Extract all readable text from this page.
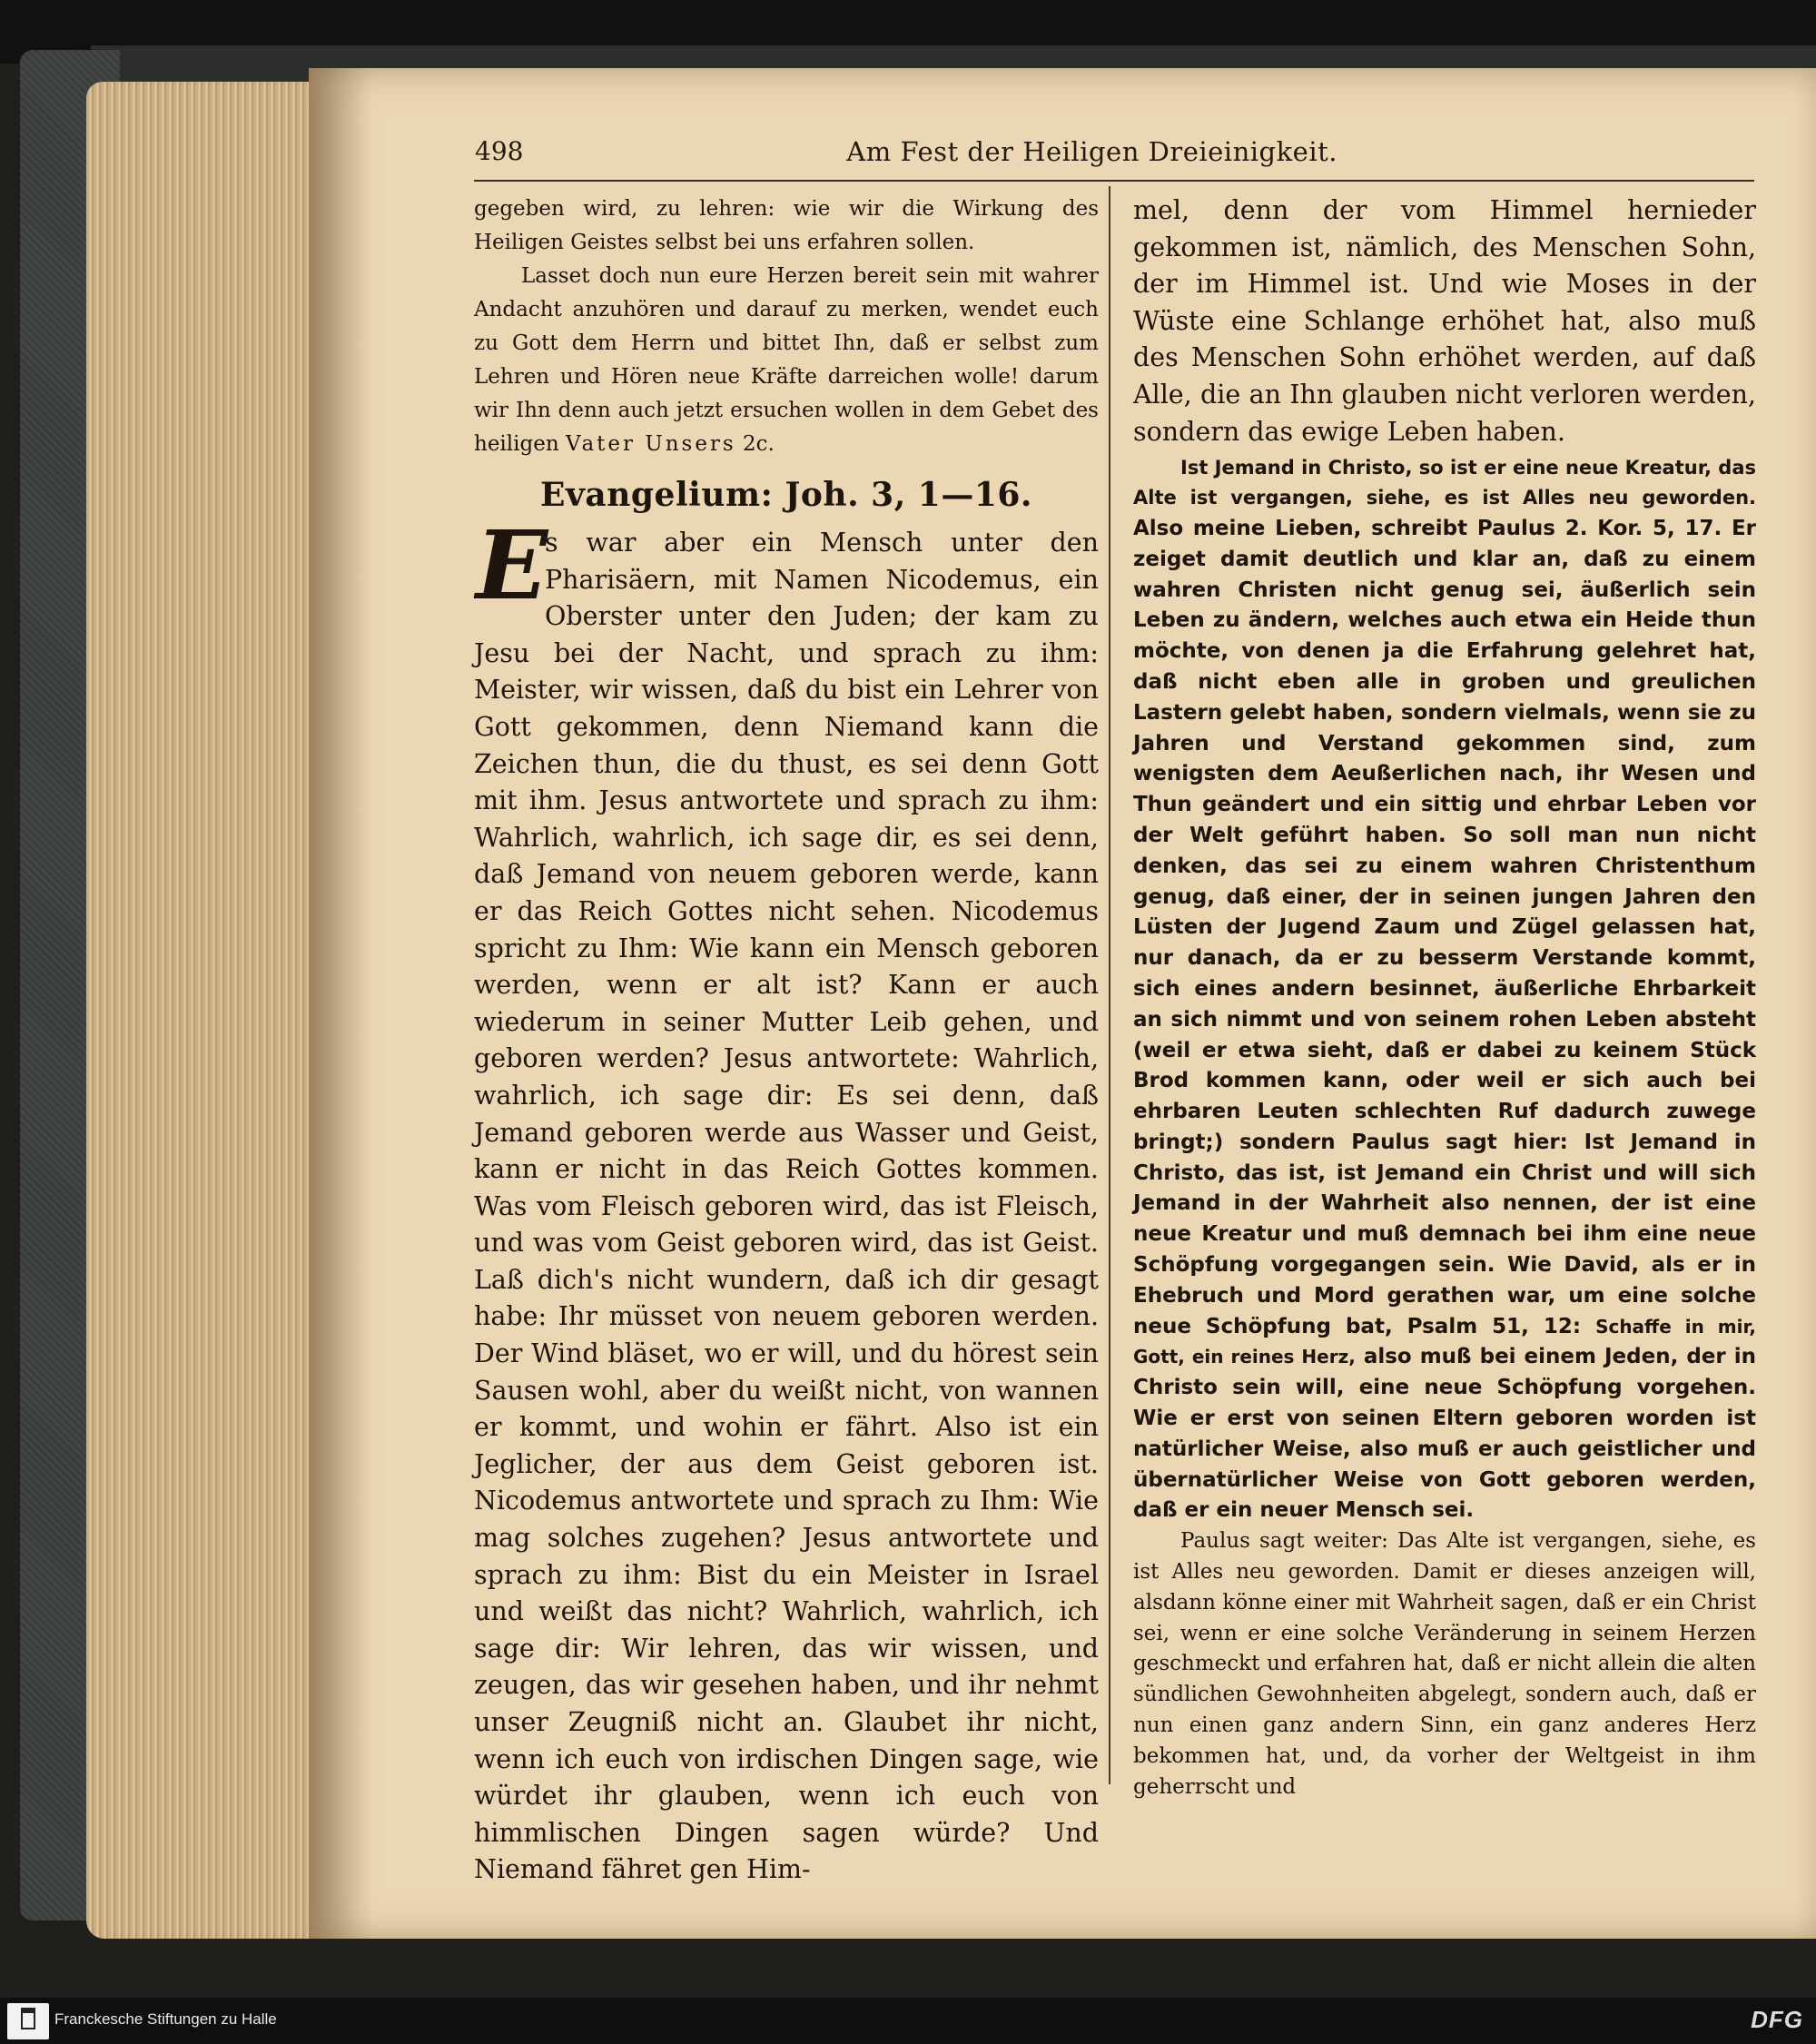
498	Am Fest der Heiligen Dreieinigkeit.

gegeben wird, zu lehren: wie wir die Wirkung des Heiligen Geistes selbst bei uns erfahren sollen.

Lasset doch nun eure Herzen bereit sein mit wahrer Andacht anzuhören und darauf zu merken, wendet euch zu Gott dem Herrn und bittet Ihn, daß er selbst zum Lehren und Hören neue Kräfte darreichen wolle! darum wir Ihn denn auch jetzt ersuchen wollen in dem Gebet des heiligen Vater Unsers 2c.

Evangelium: Joh. 3, 1—16.

E
s war aber ein Mensch unter den Pharisäern, mit Namen Nicodemus, ein Oberster unter den Juden; der kam zu Jesu bei der Nacht, und sprach zu ihm: Meister, wir wissen, daß du bist ein Lehrer von Gott gekommen, denn Niemand kann die Zeichen thun, die du thust, es sei denn Gott mit ihm. Jesus antwortete und sprach zu ihm: Wahrlich, wahrlich, ich sage dir, es sei denn, daß Jemand von neuem geboren werde, kann er das Reich Gottes nicht sehen. Nicodemus spricht zu Ihm: Wie kann ein Mensch geboren werden, wenn er alt ist? Kann er auch wiederum in seiner Mutter Leib gehen, und geboren werden? Jesus antwortete: Wahrlich, wahrlich, ich sage dir: Es sei denn, daß Jemand geboren werde aus Wasser und Geist, kann er nicht in das Reich Gottes kommen. Was vom Fleisch geboren wird, das ist Fleisch, und was vom Geist geboren wird, das ist Geist. Laß dich's nicht wundern, daß ich dir gesagt habe: Ihr müsset von neuem geboren werden. Der Wind bläset, wo er will, und du hörest sein Sausen wohl, aber du weißt nicht, von wannen er kommt, und wohin er fährt. Also ist ein Jeglicher, der aus dem Geist geboren ist. Nicodemus antwortete und sprach zu Ihm: Wie mag solches zugehen? Jesus antwortete und sprach zu ihm: Bist du ein Meister in Israel und weißt das nicht? Wahrlich, wahrlich, ich sage dir: Wir lehren, das wir wissen, und zeugen, das wir gesehen haben, und ihr nehmt unser Zeugniß nicht an. Glaubet ihr nicht, wenn ich euch von irdischen Dingen sage, wie würdet ihr glauben, wenn ich euch von himmlischen Dingen sagen würde? Und Niemand fähret gen Him-

mel, denn der vom Himmel hernieder gekommen ist, nämlich, des Menschen Sohn, der im Himmel ist. Und wie Moses in der Wüste eine Schlange erhöhet hat, also muß des Menschen Sohn erhöhet werden, auf daß Alle, die an Ihn glauben nicht verloren werden, sondern das ewige Leben haben.

Ist Jemand in Christo, so ist er eine neue Kreatur, das Alte ist vergangen, siehe, es ist Alles neu geworden. Also meine Lieben, schreibt Paulus 2. Kor. 5, 17. Er zeiget damit deutlich und klar an, daß zu einem wahren Christen nicht genug sei, äußerlich sein Leben zu ändern, welches auch etwa ein Heide thun möchte, von denen ja die Erfahrung gelehret hat, daß nicht eben alle in groben und greulichen Lastern gelebt haben, sondern vielmals, wenn sie zu Jahren und Verstand gekommen sind, zum wenigsten dem Aeußerlichen nach, ihr Wesen und Thun geändert und ein sittig und ehrbar Leben vor der Welt geführt haben. So soll man nun nicht denken, das sei zu einem wahren Christenthum genug, daß einer, der in seinen jungen Jahren den Lüsten der Jugend Zaum und Zügel gelassen hat, nur danach, da er zu besserm Verstande kommt, sich eines andern besinnet, äußerliche Ehrbarkeit an sich nimmt und von seinem rohen Leben absteht (weil er etwa sieht, daß er dabei zu keinem Stück Brod kommen kann, oder weil er sich auch bei ehrbaren Leuten schlechten Ruf dadurch zuwege bringt;) sondern Paulus sagt hier: Ist Jemand in Christo, das ist, ist Jemand ein Christ und will sich Jemand in der Wahrheit also nennen, der ist eine neue Kreatur und muß demnach bei ihm eine neue Schöpfung vorgegangen sein. Wie David, als er in Ehebruch und Mord gerathen war, um eine solche neue Schöpfung bat, Psalm 51, 12: Schaffe in mir, Gott, ein reines Herz, also muß bei einem Jeden, der in Christo sein will, eine neue Schöpfung vorgehen. Wie er erst von seinen Eltern geboren worden ist natürlicher Weise, also muß er auch geistlicher und übernatürlicher Weise von Gott geboren werden, daß er ein neuer Mensch sei.

Paulus sagt weiter: Das Alte ist vergangen, siehe, es ist Alles neu geworden. Damit er dieses anzeigen will, alsdann könne einer mit Wahrheit sagen, daß er ein Christ sei, wenn er eine solche Veränderung in seinem Herzen geschmeckt und erfahren hat, daß er nicht allein die alten sündlichen Gewohnheiten abgelegt, sondern auch, daß er nun einen ganz andern Sinn, ein ganz anderes Herz bekommen hat, und, da vorher der Weltgeist in ihm geherrscht und

Franckesche Stiftungen zu Halle	DFG
